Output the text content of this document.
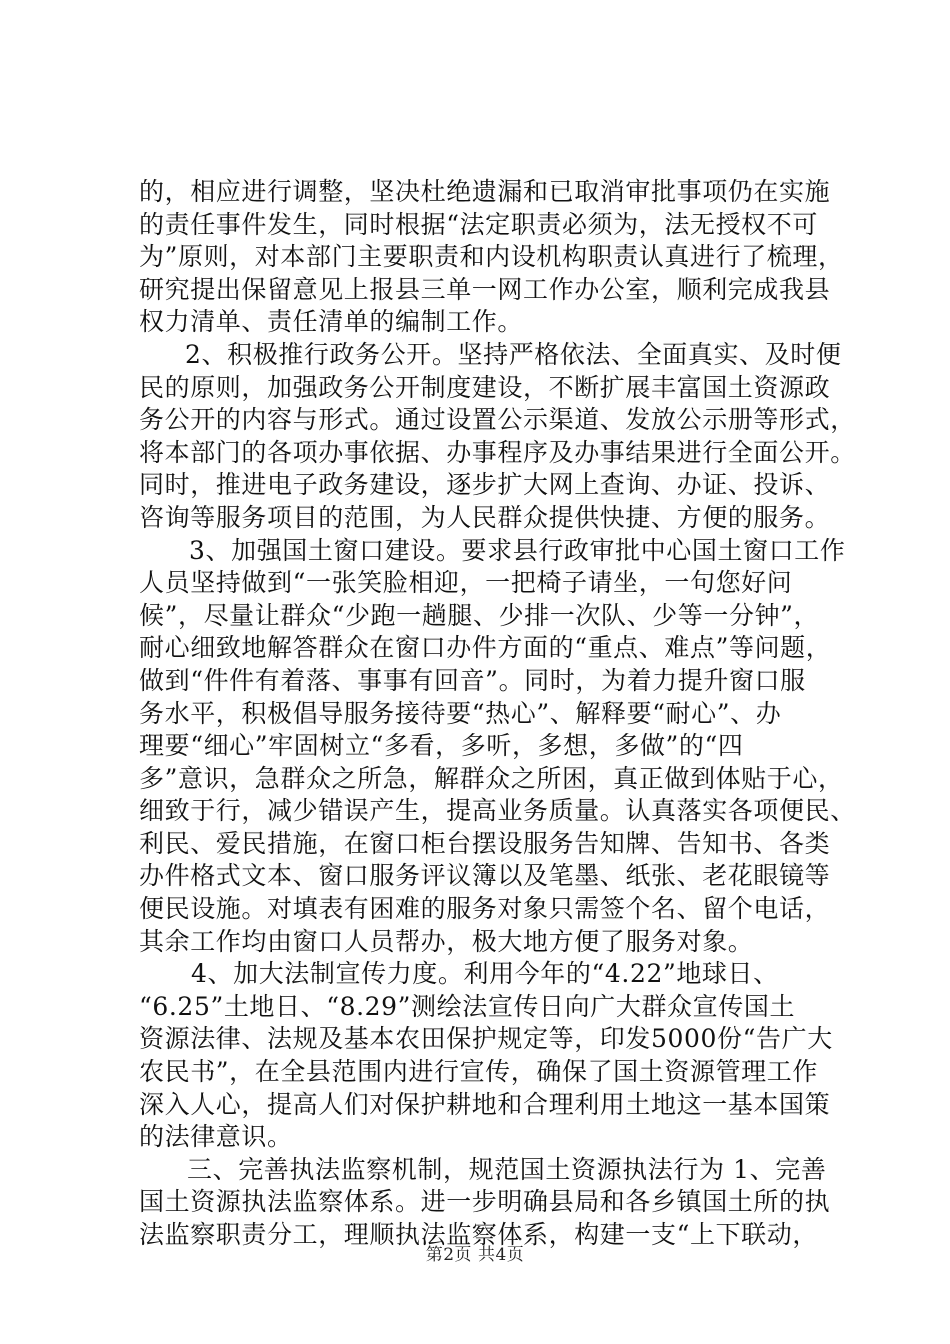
的，相应进行调整，坚决杜绝遗漏和已取消审批事项仍在实施
的责任事件发生，同时根据“法定职责必须为，法无授权不可
为”原则，对本部门主要职责和内设机构职责认真进行了梳理，
研究提出保留意见上报县三单一网工作办公室，顺利完成我县
权力清单、责任清单的编制工作。
2、积极推行政务公开。坚持严格依法、全面真实、及时便
民的原则，加强政务公开制度建设，不断扩展丰富国土资源政
务公开的内容与形式。通过设置公示渠道、发放公示册等形式，
将本部门的各项办事依据、办事程序及办事结果进行全面公开。
同时，推进电子政务建设，逐步扩大网上查询、办证、投诉、
咨询等服务项目的范围，为人民群众提供快捷、方便的服务。
3、加强国土窗口建设。要求县行政审批中心国土窗口工作
人员坚持做到“一张笑脸相迎，一把椅子请坐，一句您好问
候”，尽量让群众“少跑一趟腿、少排一次队、少等一分钟”，
耐心细致地解答群众在窗口办件方面的“重点、难点”等问题，
做到“件件有着落、事事有回音”。同时，为着力提升窗口服
务水平，积极倡导服务接待要“热心”、解释要“耐心”、办
理要“细心”牢固树立“多看，多听，多想，多做”的“四
多”意识，急群众之所急，解群众之所困，真正做到体贴于心，
细致于行，减少错误产生，提高业务质量。认真落实各项便民、
利民、爱民措施，在窗口柜台摆设服务告知牌、告知书、各类
办件格式文本、窗口服务评议簿以及笔墨、纸张、老花眼镜等
便民设施。对填表有困难的服务对象只需签个名、留个电话，
其余工作均由窗口人员帮办，极大地方便了服务对象。
4、加大法制宣传力度。利用今年的“4.22”地球日、
“6.25”土地日、“8.29”测绘法宣传日向广大群众宣传国土
资源法律、法规及基本农田保护规定等，印发5000份“告广大
农民书”，在全县范围内进行宣传，确保了国土资源管理工作
深入人心，提高人们对保护耕地和合理利用土地这一基本国策
的法律意识。
三、完善执法监察机制，规范国土资源执法行为 1、完善
国土资源执法监察体系。进一步明确县局和各乡镇国土所的执
法监察职责分工，理顺执法监察体系，构建一支“上下联动，
第2页 共4页
